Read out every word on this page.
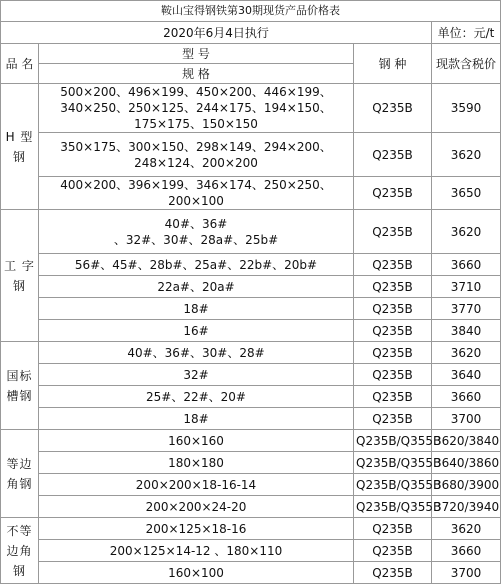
鞍山宝得钢铁第30期现货产品价格表			
2020年6月4日执行			单位：元/t
品 名	型 号	钢 种	现款含税价
	规 格		
H 型
钢	500×200、496×199、450×200、446×199、340×250、250×125、244×175、194×150、175×175、150×150	Q235B	3590
	350×175、300×150、298×149、294×200、248×124、200×200	Q235B	3620
	400×200、396×199、346×174、250×250、200×100	Q235B	3650
工 字
钢	40#、36#
、32#、30#、28a#、25b#	Q235B	3620
	56#、45#、28b#、25a#、22b#、20b#	Q235B	3660
	22a#、20a#	Q235B	3710
	18#	Q235B	3770
	16#	Q235B	3840
国标
槽钢	40#、36#、30#、28#	Q235B	3620
	32#	Q235B	3640
	25#、22#、20#	Q235B	3660
	18#	Q235B	3700
等边
角钢	160×160	Q235B/Q355B	3620/3840
	180×180	Q235B/Q355B	3640/3860
	200×200×18-16-14	Q235B/Q355B	3680/3900
	200×200×24-20	Q235B/Q355B	3720/3940
不等
边角
钢	200×125×18-16	Q235B	3620
	200×125×14-12 、180×110	Q235B	3660
	160×100	Q235B	3700
